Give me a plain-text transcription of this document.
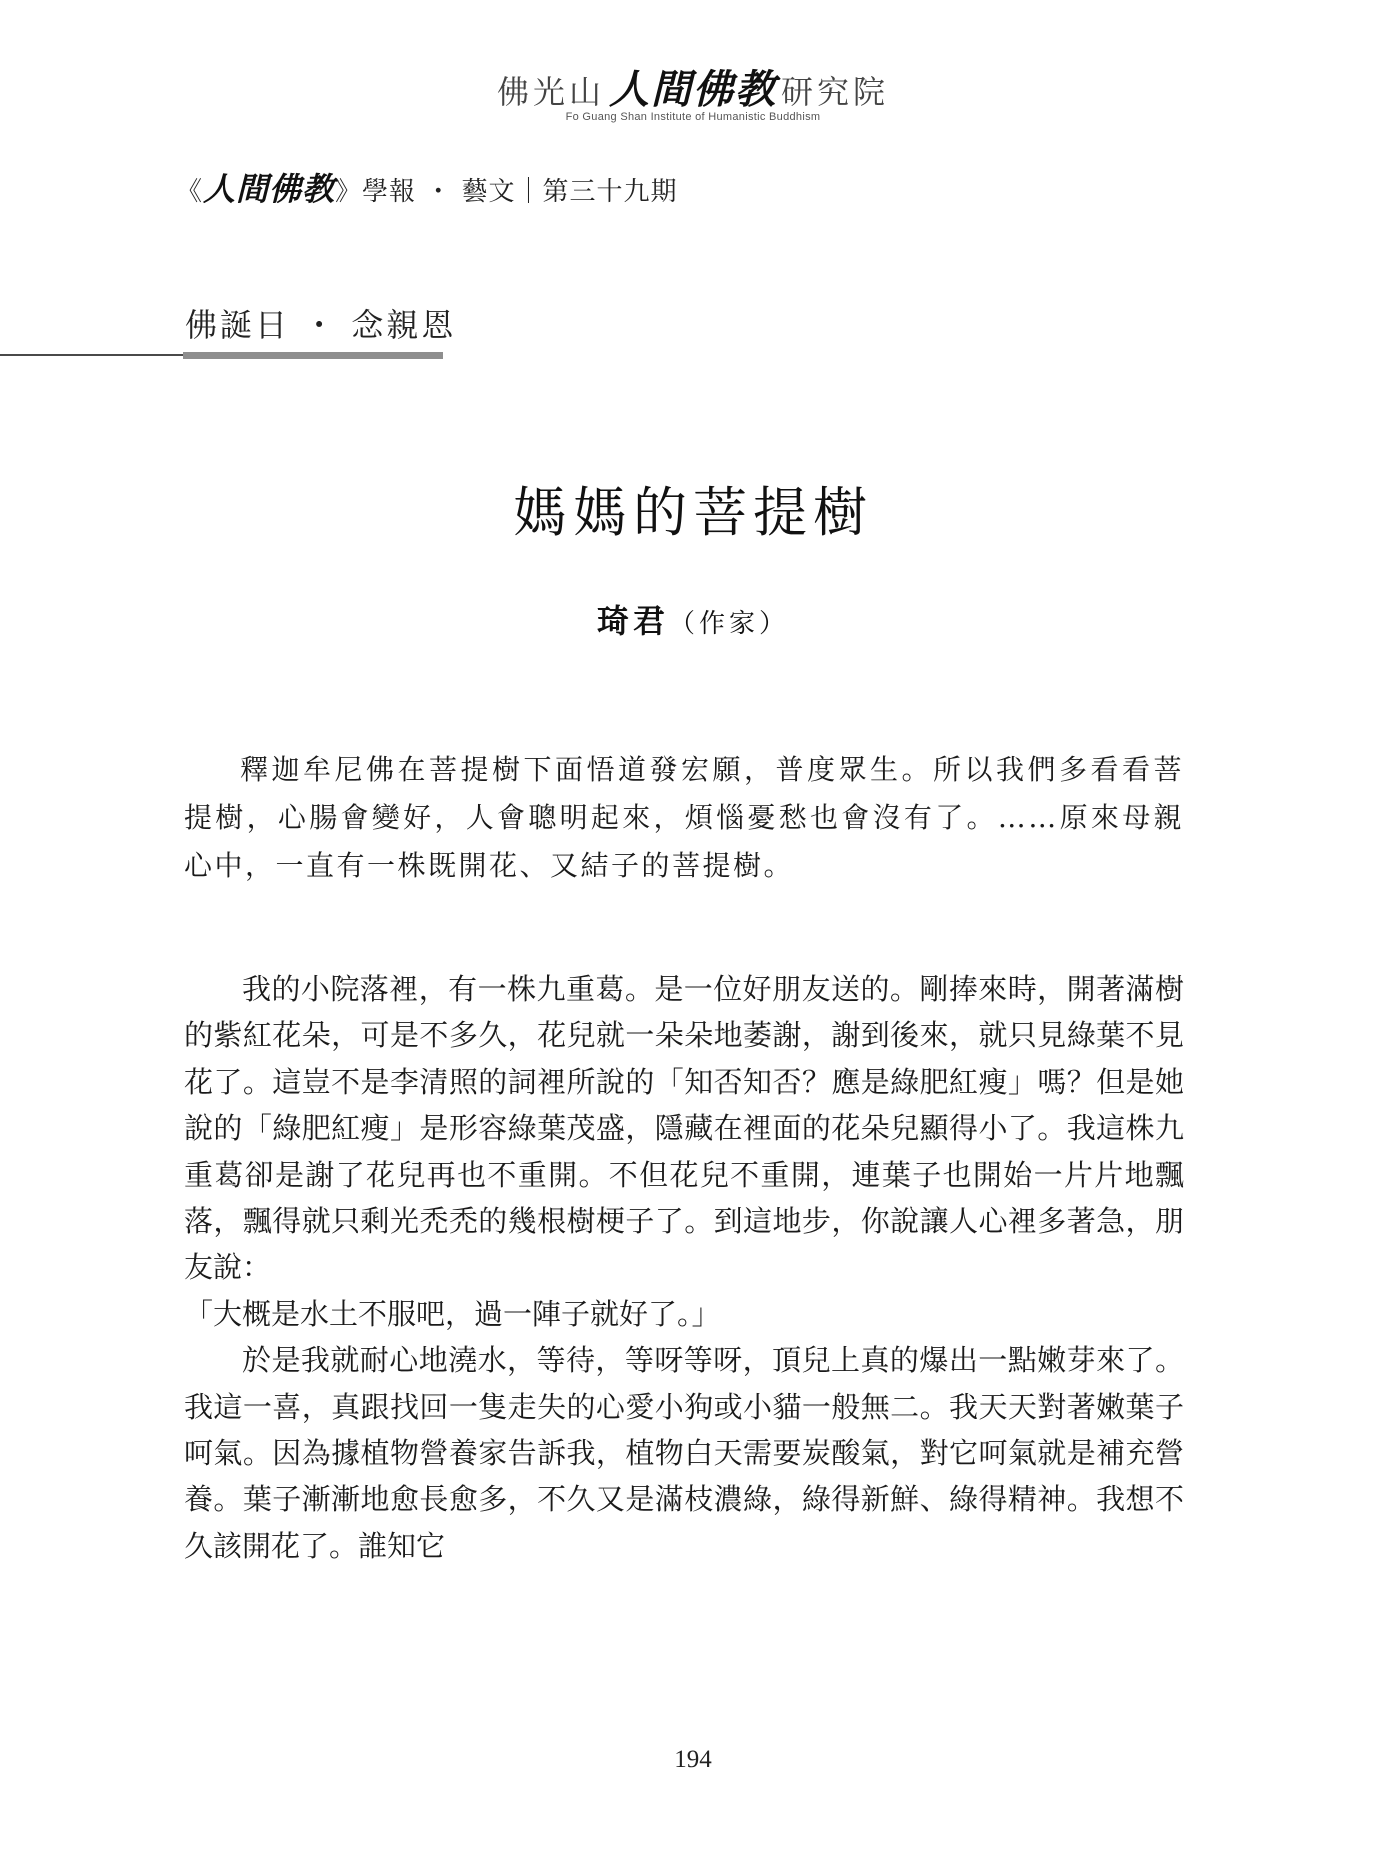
佛光山 人間佛教 研究院
Fo Guang Shan Institute of Humanistic Buddhism
《人間佛教》學報 ・ 藝文｜第三十九期
佛誕日 ・ 念親恩
媽媽的菩提樹
琦君（作家）

釋迦牟尼佛在菩提樹下面悟道發宏願，普度眾生。所以我們多看看菩提樹，心腸會變好，人會聰明起來，煩惱憂愁也會沒有了。……原來母親心中，一直有一株既開花、又結子的菩提樹。

我的小院落裡，有一株九重葛。是一位好朋友送的。剛捧來時，開著滿樹的紫紅花朵，可是不多久，花兒就一朵朵地萎謝，謝到後來，就只見綠葉不見花了。這豈不是李清照的詞裡所說的「知否知否？應是綠肥紅瘦」嗎？但是她說的「綠肥紅瘦」是形容綠葉茂盛，隱藏在裡面的花朵兒顯得小了。我這株九重葛卻是謝了花兒再也不重開。不但花兒不重開，連葉子也開始一片片地飄落，飄得就只剩光禿禿的幾根樹梗子了。到這地步，你說讓人心裡多著急，朋友說：

「大概是水土不服吧，過一陣子就好了。」

於是我就耐心地澆水，等待，等呀等呀，頂兒上真的爆出一點嫩芽來了。我這一喜，真跟找回一隻走失的心愛小狗或小貓一般無二。我天天對著嫩葉子呵氣。因為據植物營養家告訴我，植物白天需要炭酸氣，對它呵氣就是補充營養。葉子漸漸地愈長愈多，不久又是滿枝濃綠，綠得新鮮、綠得精神。我想不久該開花了。誰知它

194
